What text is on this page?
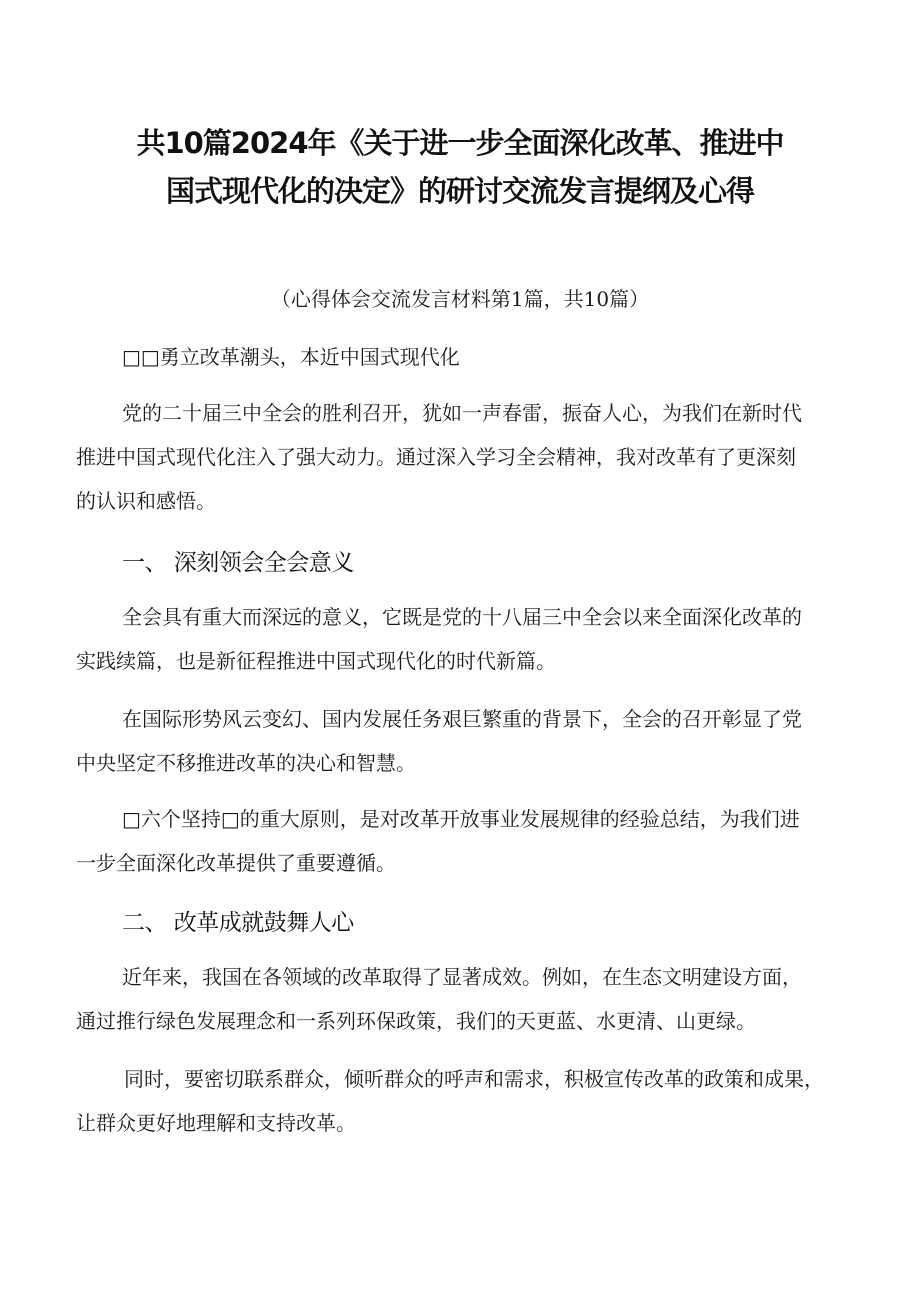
共10篇2024年《关于进一步全面深化改革、推进中
国式现代化的决定》的研讨交流发言提纲及心得
（心得体会交流发言材料第1篇，共10篇）
□□勇立改革潮头，本近中国式现代化
党的二十届三中全会的胜利召开，犹如一声春雷，振奋人心，为我们在新时代
推进中国式现代化注入了强大动力。通过深入学习全会精神，我对改革有了更深刻
的认识和感悟。
一、 深刻领会全会意义
全会具有重大而深远的意义，它既是党的十八届三中全会以来全面深化改革的
实践续篇，也是新征程推进中国式现代化的时代新篇。
在国际形势风云变幻、国内发展任务艰巨繁重的背景下，全会的召开彰显了党
中央坚定不移推进改革的决心和智慧。
□六个坚持□的重大原则，是对改革开放事业发展规律的经验总结，为我们进
一步全面深化改革提供了重要遵循。
二、 改革成就鼓舞人心
近年来，我国在各领域的改革取得了显著成效。例如，在生态文明建设方面，
通过推行绿色发展理念和一系列环保政策，我们的天更蓝、水更清、山更绿。
同时，要密切联系群众，倾听群众的呼声和需求，积极宣传改革的政策和成果，
让群众更好地理解和支持改革。
